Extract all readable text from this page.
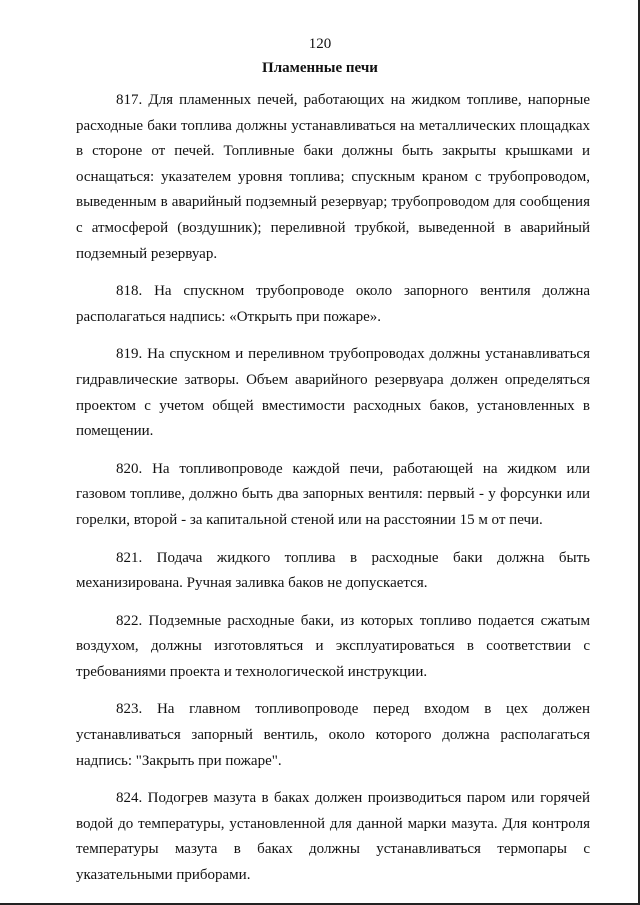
120
Пламенные печи

817. Для пламенных печей, работающих на жидком топливе, напорные расходные баки топлива должны устанавливаться на металлических площадках в стороне от печей. Топливные баки должны быть закрыты крышками и оснащаться: указателем уровня топлива; спускным краном с трубопроводом, выведенным в аварийный подземный резервуар; трубопроводом для сообщения с атмосферой (воздушник); переливной трубкой, выведенной в аварийный подземный резервуар.

818. На спускном трубопроводе около запорного вентиля должна располагаться надпись: «Открыть при пожаре».

819. На спускном и переливном трубопроводах должны устанавливаться гидравлические затворы. Объем аварийного резервуара должен определяться проектом с учетом общей вместимости расходных баков, установленных в помещении.

820. На топливопроводе каждой печи, работающей на жидком или газовом топливе, должно быть два запорных вентиля: первый - у форсунки или горелки, второй - за капитальной стеной или на расстоянии 15 м от печи.

821. Подача жидкого топлива в расходные баки должна быть механизирована. Ручная заливка баков не допускается.

822. Подземные расходные баки, из которых топливо подается сжатым воздухом, должны изготовляться и эксплуатироваться в соответствии с требованиями проекта и технологической инструкции.

823. На главном топливопроводе перед входом в цех должен устанавливаться запорный вентиль, около которого должна располагаться надпись: "Закрыть при пожаре".

824. Подогрев мазута в баках должен производиться паром или горячей водой до температуры, установленной для данной марки мазута. Для контроля температуры мазута в баках должны устанавливаться термопары с указательными приборами.
